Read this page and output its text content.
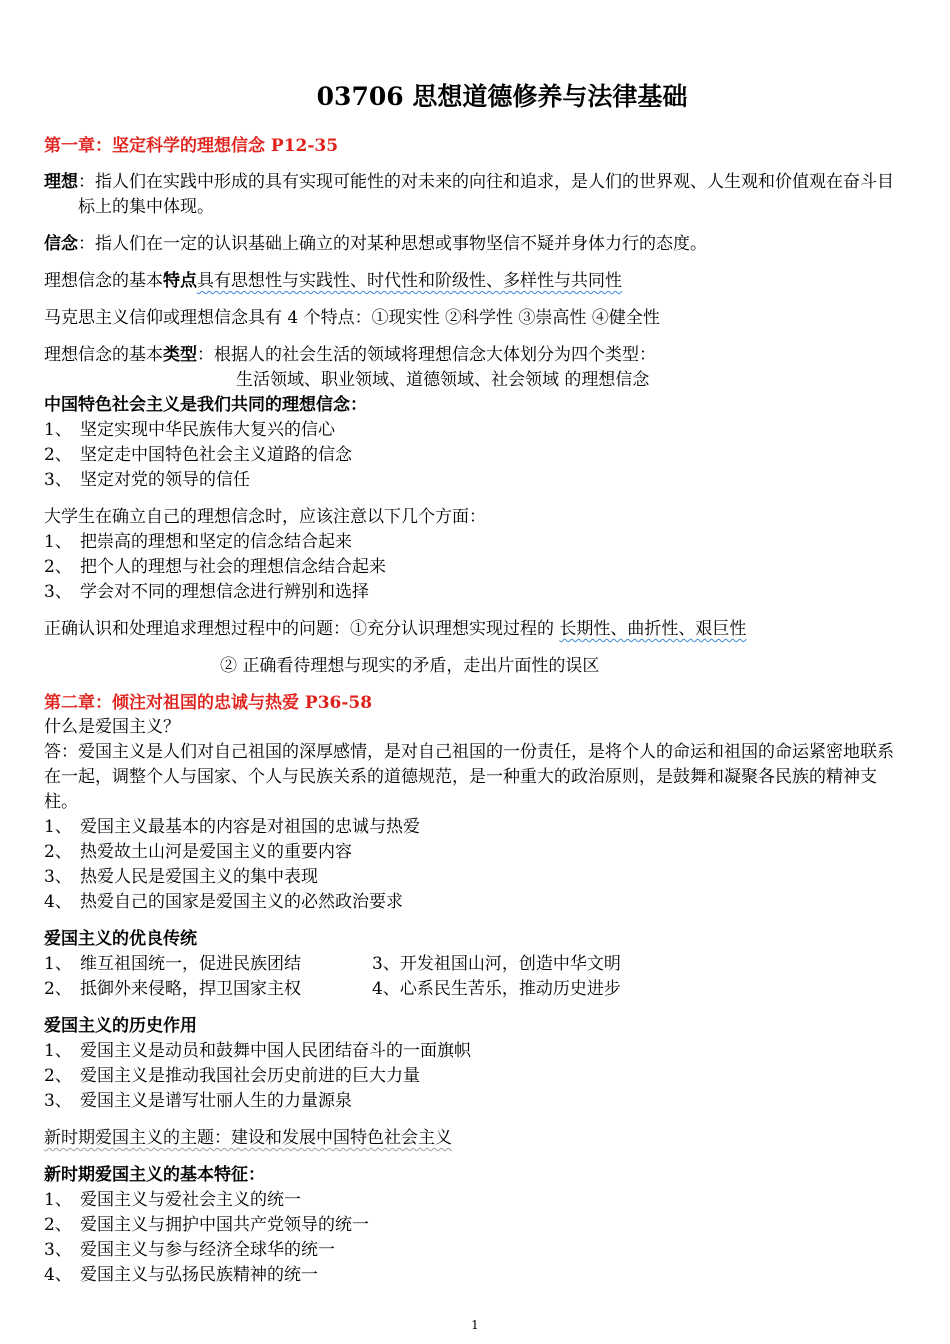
03706 思想道德修养与法律基础
第一章：坚定科学的理想信念 P12-35
理想 ：指人们在实践中形成的具有实现可能性的对未来的向往和追求，是人们的世界观、人生观和价值观在奋斗目标上的集中体现。
信念：指人们在一定的认识基础上确立的对某种思想或事物坚信不疑并身体力行的态度。
理想信念的基本特点具有思想性与实践性、时代性和阶级性、多样性与共同性
马克思主义信仰或理想信念具有 4 个特点：①现实性 ②科学性 ③崇高性 ④健全性
理想信念的基本类型：根据人的社会生活的领域将理想信念大体划分为四个类型：
生活领域、职业领域、道德领域、社会领域 的理想信念
中国特色社会主义是我们共同的理想信念：
1、 坚定实现中华民族伟大复兴的信心
2、 坚定走中国特色社会主义道路的信念
3、 坚定对党的领导的信任
大学生在确立自己的理想信念时，应该注意以下几个方面：
1、 把崇高的理想和坚定的信念结合起来
2、 把个人的理想与社会的理想信念结合起来
3、 学会对不同的理想信念进行辨别和选择
正确认识和处理追求理想过程中的问题：①充分认识理想实现过程的 长期性、曲折性、艰巨性
② 正确看待理想与现实的矛盾，走出片面性的误区
第二章：倾注对祖国的忠诚与热爱 P36-58
什么是爱国主义？
答：爱国主义是人们对自己祖国的深厚感情，是对自己祖国的一份责任，是将个人的命运和祖国的命运紧密地联系在一起，调整个人与国家、个人与民族关系的道德规范，是一种重大的政治原则，是鼓舞和凝聚各民族的精神支柱。
1、 爱国主义最基本的内容是对祖国的忠诚与热爱
2、 热爱故土山河是爱国主义的重要内容
3、 热爱人民是爱国主义的集中表现
4、 热爱自己的国家是爱国主义的必然政治要求
爱国主义的优良传统
1、 维互祖国统一，促进民族团结	3、开发祖国山河，创造中华文明
2、 抵御外来侵略，捍卫国家主权	4、心系民生苦乐，推动历史进步
爱国主义的历史作用
1、 爱国主义是动员和鼓舞中国人民团结奋斗的一面旗帜
2、 爱国主义是推动我国社会历史前进的巨大力量
3、 爱国主义是谱写壮丽人生的力量源泉
新时期爱国主义的主题：建设和发展中国特色社会主义
新时期爱国主义的基本特征：
1、 爱国主义与爱社会主义的统一
2、 爱国主义与拥护中国共产党领导的统一
3、 爱国主义与参与经济全球华的统一
4、 爱国主义与弘扬民族精神的统一
1
